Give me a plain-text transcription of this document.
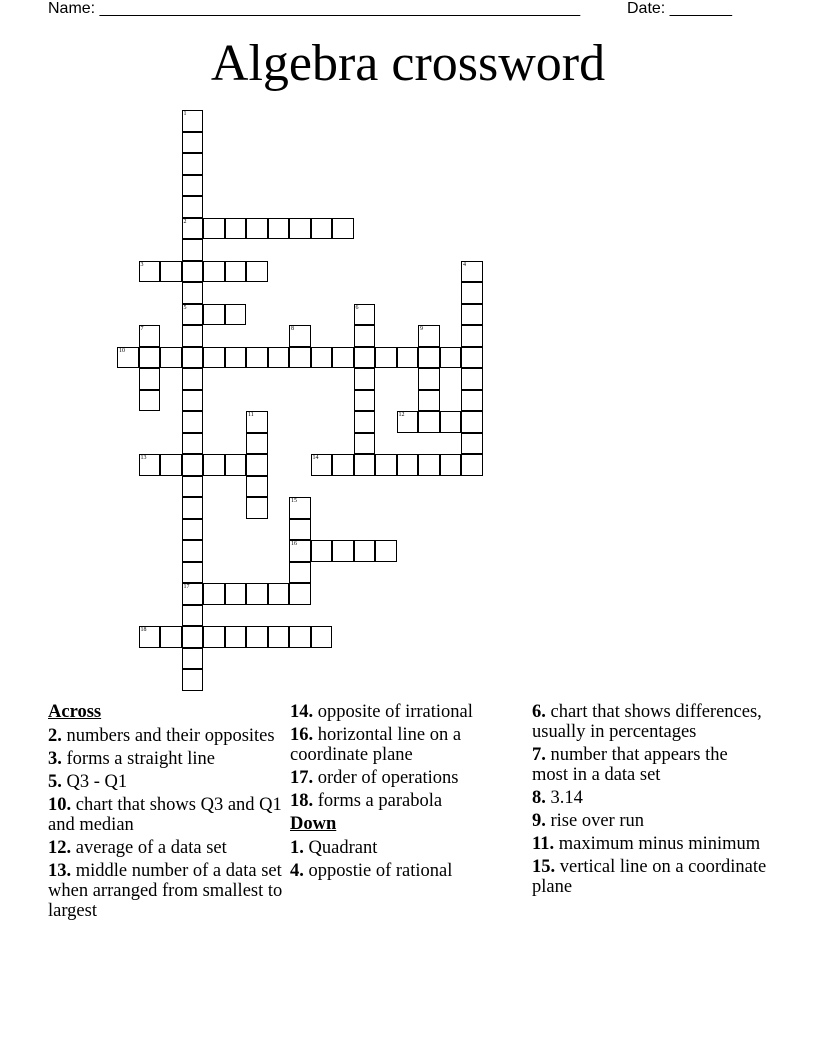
Name: ______________________________________________________	Date: _______
Algebra crossword
1
2
5
17
3	4
6
7	8	9
10
11	12
13	14
15
16
18
Across
2. numbers and their opposites
3. forms a straight line
5. Q3 - Q1
10. chart that shows Q3 and Q1 and median
12. average of a data set
13. middle number of a data set when arranged from smallest to largest
14. opposite of irrational
16. horizontal line on a coordinate plane
17. order of operations
18. forms a parabola
Down
1. Quadrant
4. oppostie of rational
6. chart that shows differences, usually in percentages
7. number that appears the most in a data set
8. 3.14
9. rise over run
11. maximum minus minimum
15. vertical line on a coordinate plane
